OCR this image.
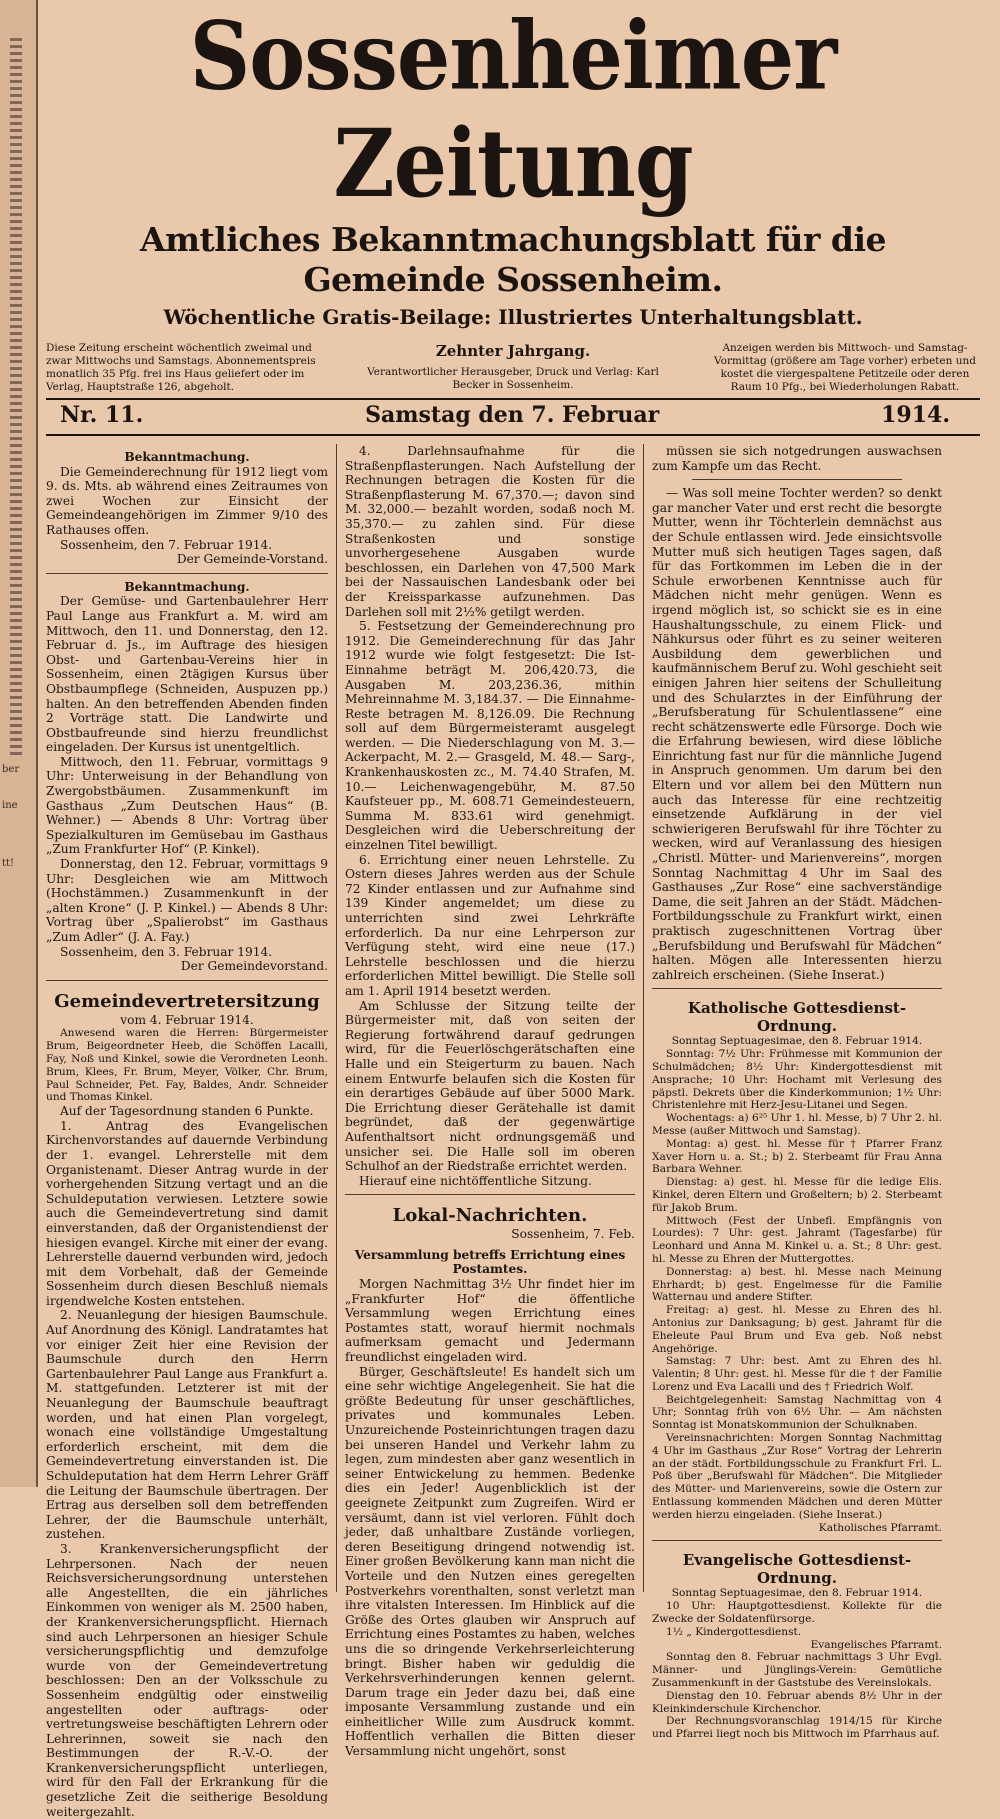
ber
ine
tt!
Sossenheimer Zeitung
Amtliches Bekanntmachungsblatt für die Gemeinde Sossenheim.
Wöchentliche Gratis-Beilage: Illustriertes Unterhaltungsblatt.
Diese Zeitung erscheint wöchentlich zweimal und zwar Mittwochs und Samstags. Abonnementspreis monatlich 35 Pfg. frei ins Haus geliefert oder im Verlag, Hauptstraße 126, abgeholt.
Zehnter Jahrgang.
Verantwortlicher Herausgeber, Druck und Verlag: Karl Becker in Sossenheim.
Anzeigen werden bis Mittwoch- und Samstag-Vormittag (größere am Tage vorher) erbeten und kostet die viergespaltene Petitzeile oder deren Raum 10 Pfg., bei Wiederholungen Rabatt.
Nr. 11.	Samstag den 7. Februar	1914.

Bekanntmachung.

Die Gemeinderechnung für 1912 liegt vom 9. ds. Mts. ab während eines Zeitraumes von zwei Wochen zur Einsicht der Gemeindeangehörigen im Zimmer 9/10 des Rathauses offen.

Sossenheim, den 7. Februar 1914.

Der Gemeinde-Vorstand.

Bekanntmachung.

Der Gemüse- und Gartenbaulehrer Herr Paul Lange aus Frankfurt a. M. wird am Mittwoch, den 11. und Donnerstag, den 12. Februar d. Js., im Auftrage des hiesigen Obst- und Gartenbau-Vereins hier in Sossenheim, einen 2tägigen Kursus über Obstbaumpflege (Schneiden, Auspuzen pp.) halten. An den betreffenden Abenden finden 2 Vorträge statt. Die Landwirte und Obstbaufreunde sind hierzu freundlichst eingeladen. Der Kursus ist unentgeltlich.

Mittwoch, den 11. Februar, vormittags 9 Uhr: Unterweisung in der Behandlung von Zwergobstbäumen. Zusammenkunft im Gasthaus „Zum Deutschen Haus“ (B. Wehner.) — Abends 8 Uhr: Vortrag über Spezialkulturen im Gemüsebau im Gasthaus „Zum Frankfurter Hof“ (P. Kinkel).

Donnerstag, den 12. Februar, vormittags 9 Uhr: Desgleichen wie am Mittwoch (Hochstämmen.) Zusammenkunft in der „alten Krone“ (J. P. Kinkel.) — Abends 8 Uhr: Vortrag über „Spalierobst“ im Gasthaus „Zum Adler“ (J. A. Fay.)

Sossenheim, den 3. Februar 1914.

Der Gemeindevorstand.

Gemeindevertretersitzung

vom 4. Februar 1914.

Anwesend waren die Herren: Bürgermeister Brum, Beigeordneter Heeb, die Schöffen Lacalli, Fay, Noß und Kinkel, sowie die Verordneten Leonh. Brum, Klees, Fr. Brum, Meyer, Völker, Chr. Brum, Paul Schneider, Pet. Fay, Baldes, Andr. Schneider und Thomas Kinkel.

Auf der Tagesordnung standen 6 Punkte.

1. Antrag des Evangelischen Kirchenvorstandes auf dauernde Verbindung der 1. evangel. Lehrerstelle mit dem Organistenamt. Dieser Antrag wurde in der vorhergehenden Sitzung vertagt und an die Schuldeputation verwiesen. Letztere sowie auch die Gemeindevertretung sind damit einverstanden, daß der Organistendienst der hiesigen evangel. Kirche mit einer der evang. Lehrerstelle dauernd verbunden wird, jedoch mit dem Vorbehalt, daß der Gemeinde Sossenheim durch diesen Beschluß niemals irgendwelche Kosten entstehen.

2. Neuanlegung der hiesigen Baumschule. Auf Anordnung des Königl. Landratamtes hat vor einiger Zeit hier eine Revision der Baumschule durch den Herrn Gartenbaulehrer Paul Lange aus Frankfurt a. M. stattgefunden. Letzterer ist mit der Neuanlegung der Baumschule beauftragt worden, und hat einen Plan vorgelegt, wonach eine vollständige Umgestaltung erforderlich erscheint, mit dem die Gemeindevertretung einverstanden ist. Die Schuldeputation hat dem Herrn Lehrer Gräff die Leitung der Baumschule übertragen. Der Ertrag aus derselben soll dem betreffenden Lehrer, der die Baumschule unterhält, zustehen.

3. Krankenversicherungspflicht der Lehrpersonen. Nach der neuen Reichsversicherungsordnung unterstehen alle Angestellten, die ein jährliches Einkommen von weniger als M. 2500 haben, der Krankenversicherungspflicht. Hiernach sind auch Lehrpersonen an hiesiger Schule versicherungspflichtig und demzufolge wurde von der Gemeindevertretung beschlossen: Den an der Volksschule zu Sossenheim endgültig oder einstweilig angestellten oder auftrags- oder vertretungsweise beschäftigten Lehrern oder Lehrerinnen, soweit sie nach den Bestimmungen der R.-V.-O. der Krankenversicherungspflicht unterliegen, wird für den Fall der Erkrankung für die gesetzliche Zeit die seitherige Besoldung weitergezahlt.

4. Darlehnsaufnahme für die Straßenpflasterungen. Nach Aufstellung der Rechnungen betragen die Kosten für die Straßenpflasterung M. 67,370.—; davon sind M. 32,000.— bezahlt worden, sodaß noch M. 35,370.— zu zahlen sind. Für diese Straßenkosten und sonstige unvorhergesehene Ausgaben wurde beschlossen, ein Darlehen von 47,500 Mark bei der Nassauischen Landesbank oder bei der Kreissparkasse aufzunehmen. Das Darlehen soll mit 2½% getilgt werden.

5. Festsetzung der Gemeinderechnung pro 1912. Die Gemeinderechnung für das Jahr 1912 wurde wie folgt festgesetzt: Die Ist-Einnahme beträgt M. 206,420.73, die Ausgaben M. 203,236.36, mithin Mehreinnahme M. 3,184.37. — Die Einnahme-Reste betragen M. 8,126.09. Die Rechnung soll auf dem Bürgermeisteramt ausgelegt werden. — Die Niederschlagung von M. 3.— Ackerpacht, M. 2.— Grasgeld, M. 48.— Sarg-, Krankenhauskosten zc., M. 74.40 Strafen, M. 10.— Leichenwagengebühr, M. 87.50 Kaufsteuer pp., M. 608.71 Gemeindesteuern, Summa M. 833.61 wird genehmigt. Desgleichen wird die Ueberschreitung der einzelnen Titel bewilligt.

6. Errichtung einer neuen Lehrstelle. Zu Ostern dieses Jahres werden aus der Schule 72 Kinder entlassen und zur Aufnahme sind 139 Kinder angemeldet; um diese zu unterrichten sind zwei Lehrkräfte erforderlich. Da nur eine Lehrperson zur Verfügung steht, wird eine neue (17.) Lehrstelle beschlossen und die hierzu erforderlichen Mittel bewilligt. Die Stelle soll am 1. April 1914 besetzt werden.

Am Schlusse der Sitzung teilte der Bürgermeister mit, daß von seiten der Regierung fortwährend darauf gedrungen wird, für die Feuerlöschgerätschaften eine Halle und ein Steigerturm zu bauen. Nach einem Entwurfe belaufen sich die Kosten für ein derartiges Gebäude auf über 5000 Mark. Die Errichtung dieser Gerätehalle ist damit begründet, daß der gegenwärtige Aufenthaltsort nicht ordnungsgemäß und unsicher sei. Die Halle soll im oberen Schulhof an der Riedstraße errichtet werden.

Hierauf eine nichtöffentliche Sitzung.

Lokal-Nachrichten.

Sossenheim, 7. Feb.

Versammlung betreffs Errichtung eines Postamtes.

Morgen Nachmittag 3½ Uhr findet hier im „Frankfurter Hof“ die öffentliche Versammlung wegen Errichtung eines Postamtes statt, worauf hiermit nochmals aufmerksam gemacht und Jedermann freundlichst eingeladen wird.

Bürger, Geschäftsleute! Es handelt sich um eine sehr wichtige Angelegenheit. Sie hat die größte Bedeutung für unser geschäftliches, privates und kommunales Leben. Unzureichende Posteinrichtungen tragen dazu bei unseren Handel und Verkehr lahm zu legen, zum mindesten aber ganz wesentlich in seiner Entwickelung zu hemmen. Bedenke dies ein Jeder! Augenblicklich ist der geeignete Zeitpunkt zum Zugreifen. Wird er versäumt, dann ist viel verloren. Fühlt doch jeder, daß unhaltbare Zustände vorliegen, deren Beseitigung dringend notwendig ist. Einer großen Bevölkerung kann man nicht die Vorteile und den Nutzen eines geregelten Postverkehrs vorenthalten, sonst verletzt man ihre vitalsten Interessen. Im Hinblick auf die Größe des Ortes glauben wir Anspruch auf Errichtung eines Postamtes zu haben, welches uns die so dringende Verkehrserleichterung bringt. Bisher haben wir geduldig die Verkehrsverhinderungen kennen gelernt. Darum trage ein Jeder dazu bei, daß eine imposante Versammlung zustande und ein einheitlicher Wille zum Ausdruck kommt. Hoffentlich verhallen die Bitten dieser Versammlung nicht ungehört, sonst

müssen sie sich notgedrungen auswachsen zum Kampfe um das Recht.

— Was soll meine Tochter werden? so denkt gar mancher Vater und erst recht die besorgte Mutter, wenn ihr Töchterlein demnächst aus der Schule entlassen wird. Jede einsichtsvolle Mutter muß sich heutigen Tages sagen, daß für das Fortkommen im Leben die in der Schule erworbenen Kenntnisse auch für Mädchen nicht mehr genügen. Wenn es irgend möglich ist, so schickt sie es in eine Haushaltungsschule, zu einem Flick- und Nähkursus oder führt es zu seiner weiteren Ausbildung dem gewerblichen und kaufmännischem Beruf zu. Wohl geschieht seit einigen Jahren hier seitens der Schulleitung und des Schularztes in der Einführung der „Berufsberatung für Schulentlassene“ eine recht schätzenswerte edle Fürsorge. Doch wie die Erfahrung bewiesen, wird diese löbliche Einrichtung fast nur für die männliche Jugend in Anspruch genommen. Um darum bei den Eltern und vor allem bei den Müttern nun auch das Interesse für eine rechtzeitig einsetzende Aufklärung in der viel schwierigeren Berufswahl für ihre Töchter zu wecken, wird auf Veranlassung des hiesigen „Christl. Mütter- und Marienvereins“, morgen Sonntag Nachmittag 4 Uhr im Saal des Gasthauses „Zur Rose“ eine sachverständige Dame, die seit Jahren an der Städt. Mädchen-Fortbildungsschule zu Frankfurt wirkt, einen praktisch zugeschnittenen Vortrag über „Berufsbildung und Berufswahl für Mädchen“ halten. Mögen alle Interessenten hierzu zahlreich erscheinen. (Siehe Inserat.)

Katholische Gottesdienst-Ordnung.

Sonntag Septuagesimae, den 8. Februar 1914.

Sonntag: 7½ Uhr: Frühmesse mit Kommunion der Schulmädchen; 8½ Uhr: Kindergottesdienst mit Ansprache; 10 Uhr: Hochamt mit Verlesung des päpstl. Dekrets über die Kinderkommunion; 1½ Uhr: Christenlehre mit Herz-Jesu-Litanei und Segen.

Wochentags: a) 6²⁵ Uhr 1. hl. Messe, b) 7 Uhr 2. hl. Messe (außer Mittwoch und Samstag).

Montag: a) gest. hl. Messe für † Pfarrer Franz Xaver Horn u. a. St.; b) 2. Sterbeamt für Frau Anna Barbara Wehner.

Dienstag: a) gest. hl. Messe für die ledige Elis. Kinkel, deren Eltern und Großeltern; b) 2. Sterbeamt für Jakob Brum.

Mittwoch (Fest der Unbefl. Empfängnis von Lourdes): 7 Uhr: gest. Jahramt (Tagesfarbe) für Leonhard und Anna M. Kinkel u. a. St.; 8 Uhr: gest. hl. Messe zu Ehren der Muttergottes.

Donnerstag: a) best. hl. Messe nach Meinung Ehrhardt; b) gest. Engelmesse für die Familie Watternau und andere Stifter.

Freitag: a) gest. hl. Messe zu Ehren des hl. Antonius zur Danksagung; b) gest. Jahramt für die Eheleute Paul Brum und Eva geb. Noß nebst Angehörige.

Samstag: 7 Uhr: best. Amt zu Ehren des hl. Valentin; 8 Uhr: gest. hl. Messe für die † der Familie Lorenz und Eva Lacalli und des † Friedrich Wolf.

Beichtgelegenheit: Samstag Nachmittag von 4 Uhr; Sonntag früh von 6½ Uhr. — Am nächsten Sonntag ist Monatskommunion der Schulknaben.

Vereinsnachrichten: Morgen Sonntag Nachmittag 4 Uhr im Gasthaus „Zur Rose“ Vortrag der Lehrerin an der städt. Fortbildungsschule zu Frankfurt Frl. L. Poß über „Berufswahl für Mädchen“. Die Mitglieder des Mütter- und Marienvereins, sowie die Ostern zur Entlassung kommenden Mädchen und deren Mütter werden hierzu eingeladen. (Siehe Inserat.)

Katholisches Pfarramt.

Evangelische Gottesdienst-Ordnung.

Sonntag Septuagesimae, den 8. Februar 1914.

10 Uhr: Hauptgottesdienst. Kollekte für die Zwecke der Soldatenfürsorge.

1½ „ Kindergottesdienst.

Evangelisches Pfarramt.

Sonntag den 8. Februar nachmittags 3 Uhr Evgl. Männer- und Jünglings-Verein: Gemütliche Zusammenkunft in der Gaststube des Vereinslokals.

Dienstag den 10. Februar abends 8½ Uhr in der Kleinkinderschule Kirchenchor.

Der Rechnungsvoranschlag 1914/15 für Kirche und Pfarrei liegt noch bis Mittwoch im Pfarrhaus auf.
